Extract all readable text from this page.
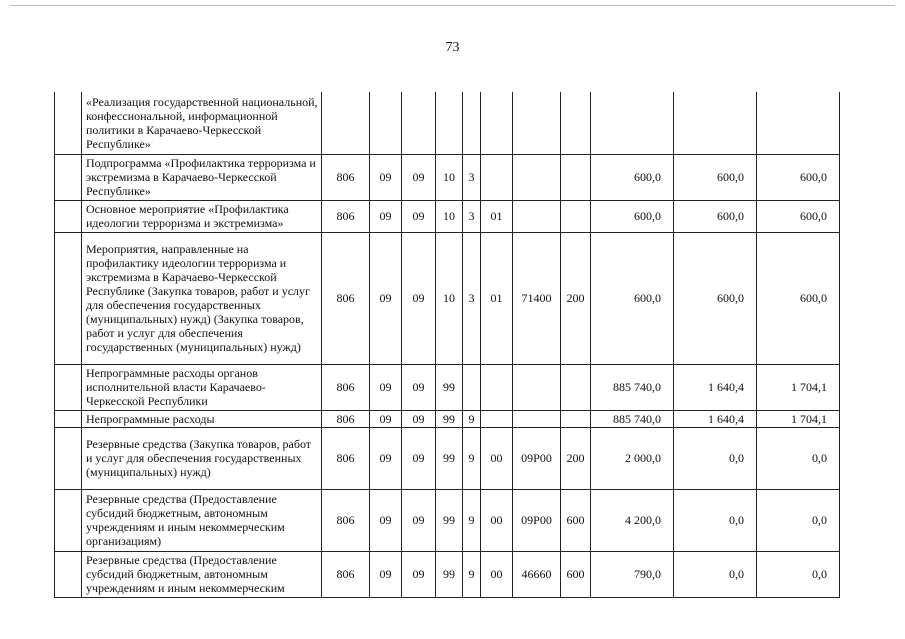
73
	«Реализация государственной национальной, конфессиональной, информационной политики в Карачаево-Черкесской Республике»											
	Подпрограмма «Профилактика терроризма и экстремизма в Карачаево-Черкесской Республике»	806	09	09	10	3				600,0	600,0	600,0
	Основное мероприятие «Профилактика идеологии терроризма и экстремизма»	806	09	09	10	3	01			600,0	600,0	600,0
	Мероприятия, направленные на профилактику идеологии терроризма и экстремизма в Карачаево-Черкесской Республике (Закупка товаров, работ и услуг для обеспечения государственных (муниципальных) нужд) (Закупка товаров, работ и услуг для обеспечения государственных (муниципальных) нужд)	806	09	09	10	3	01	71400	200	600,0	600,0	600,0
	Непрограммные расходы органов исполнительной власти Карачаево-Черкесской Республики	806	09	09	99					885 740,0	1 640,4	1 704,1
	Непрограммные расходы	806	09	09	99	9				885 740,0	1 640,4	1 704,1
	Резервные средства (Закупка товаров, работ и услуг для обеспечения государственных (муниципальных) нужд)	806	09	09	99	9	00	09Р00	200	2 000,0	0,0	0,0
	Резервные средства (Предоставление субсидий бюджетным, автономным учреждениям и иным некоммерческим организациям)	806	09	09	99	9	00	09Р00	600	4 200,0	0,0	0,0
	Резервные средства (Предоставление субсидий бюджетным, автономным учреждениям и иным некоммерческим	806	09	09	99	9	00	46660	600	790,0	0,0	0,0
